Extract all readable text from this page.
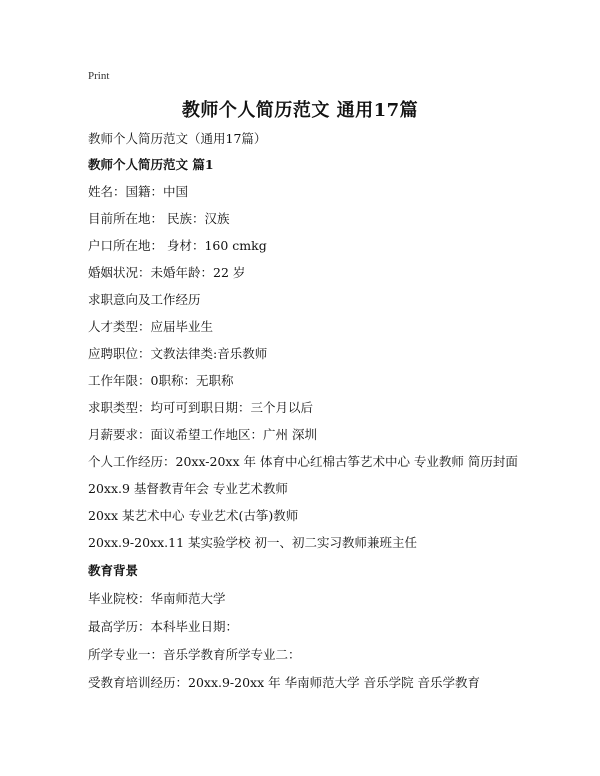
Print
教师个人简历范文 通用17篇
教师个人简历范文（通用17篇）
教师个人简历范文 篇1
姓名：国籍：中国
目前所在地： 民族：汉族
户口所在地： 身材：160 cmkg
婚姻状况：未婚年龄：22 岁
求职意向及工作经历
人才类型：应届毕业生
应聘职位：文教法律类:音乐教师
工作年限：0职称：无职称
求职类型：均可可到职日期：三个月以后
月薪要求：面议希望工作地区：广州 深圳
个人工作经历：20xx-20xx 年 体育中心红棉古筝艺术中心 专业教师 简历封面
20xx.9 基督教青年会 专业艺术教师
20xx 某艺术中心 专业艺术(古筝)教师
20xx.9-20xx.11 某实验学校 初一、初二实习教师兼班主任
教育背景
毕业院校：华南师范大学
最高学历：本科毕业日期：
所学专业一：音乐学教育所学专业二：
受教育培训经历：20xx.9-20xx 年 华南师范大学 音乐学院 音乐学教育
